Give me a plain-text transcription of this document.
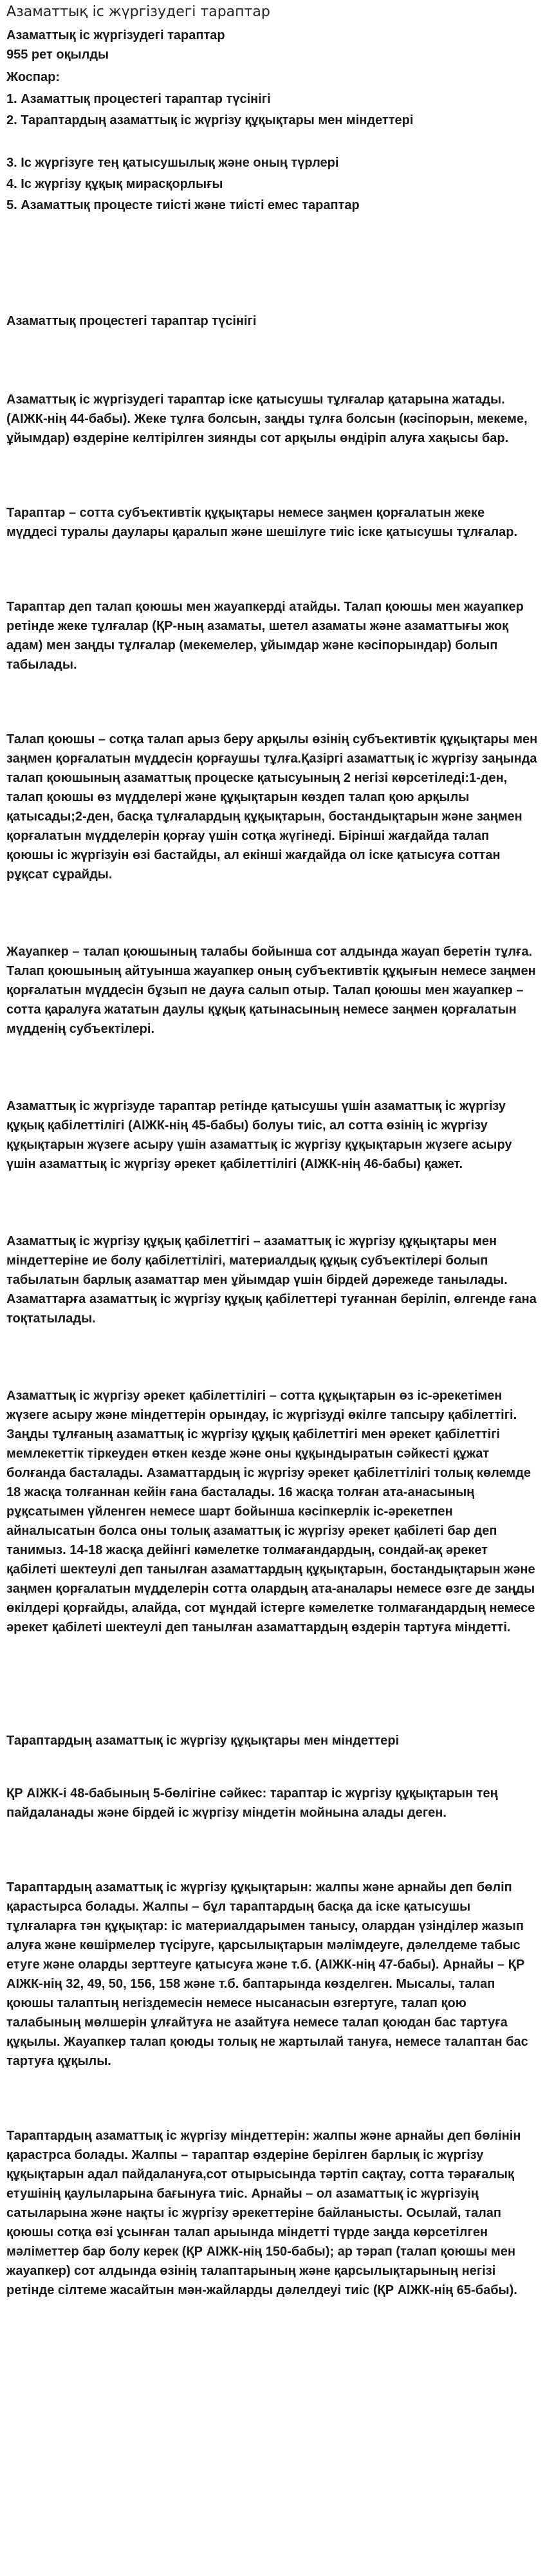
Азаматтық іс жүргізудегі тараптар

Азаматтық іс жүргізудегі тараптар

955 рет оқылды

Жоспар:

1. Азаматтық процестегі тараптар түсінігі
2. Тараптардың азаматтық іс жүргізу құқықтары мен міндеттері
3. Іс жүргізуге тең қатысушылық және оның түрлері
4. Іс жүргізу құқық мирасқорлығы
5. Азаматтық процесте тиісті және тиісті емес тараптар

Азаматтық процестегі тараптар түсінігі

Азаматтық іс жүргізудегі тараптар іске қатысушы тұлғалар қатарына жатады. (АІЖК-нің 44-бабы). Жеке тұлға болсын, заңды тұлға болсын (кәсіпорын, мекеме, ұйымдар) өздеріне келтірілген зиянды сот арқылы өндіріп алуға хақысы бар.

Тараптар – сотта субъективтік құқықтары немесе заңмен қорғалатын жеке мүддесі туралы даулары қаралып және шешілуге тиіс іске қатысушы тұлғалар.

Тараптар деп талап қоюшы мен жауапкерді атайды. Талап қоюшы мен жауапкер ретінде жеке тұлғалар (ҚР-ның азаматы, шетел азаматы және азаматтығы жоқ адам) мен заңды тұлғалар (мекемелер, ұйымдар және кәсіпорындар) болып табылады.

Талап қоюшы – сотқа талап арыз беру арқылы өзінің субъективтік құқықтары мен заңмен қорғалатын мүддесін қорғаушы тұлға.Қазіргі азаматтық іс жүргізу заңында талап қоюшының азаматтық процеске қатысуының 2 негізі көрсетіледі:1-ден, талап қоюшы өз мүдделері және құқықтарын көздеп талап қою арқылы қатысады;2-ден, басқа тұлғалардың құқықтарын, бостандықтарын және заңмен қорғалатын мүдделерін қорғау үшін сотқа жүгінеді. Бірінші жағдайда талап қоюшы іс жүргізуін өзі бастайды, ал екінші жағдайда ол іске қатысуға соттан рұқсат сұрайды.

Жауапкер – талап қоюшының талабы бойынша сот алдында жауап беретін тұлға. Талап қоюшының айтуынша жауапкер оның субъективтік құқығын немесе заңмен қорғалатын мүддесін бұзып не дауға салып отыр. Талап қоюшы мен жауапкер – сотта қаралуға жататын даулы құқық қатынасының немесе заңмен қорғалатын мүдденің субъектілері.

Азаматтық іс жүргізуде тараптар ретінде қатысушы үшін азаматтық іс жүргізу құқық қабілеттілігі (АІЖК-нің 45-бабы) болуы тиіс, ал сотта өзінің іс жүргізу құқықтарын жүзеге асыру үшін азаматтық іс жүргізу құқықтарын жүзеге асыру үшін азаматтық іс жүргізу әрекет қабілеттілігі (АІЖК-нің 46-бабы) қажет.

Азаматтық іс жүргізу құқық қабілеттігі – азаматтық іс жүргізу құқықтары мен міндеттеріне ие болу қабілеттілігі, материалдық құқық субъектілері болып табылатын барлық азаматтар мен ұйымдар үшін бірдей дәрежеде танылады. Азаматтарға азаматтық іс жүргізу құқық қабілеттері туғаннан беріліп, өлгенде ғана тоқтатылады.

Азаматтық іс жүргізу әрекет қабілеттілігі – сотта құқықтарын өз іс-әрекетімен жүзеге асыру және міндеттерін орындау, іс жүргізуді өкілге тапсыру қабілеттігі. Заңды тұлғаның азаматтық іс жүргізу құқық қабілеттігі мен әрекет қабілеттігі мемлекеттік тіркеуден өткен кезде және оны құқындыратын сәйкесті құжат болғанда басталады. Азаматтардың іс жүргізу әрекет қабілеттілігі толық көлемде 18 жасқа толғаннан кейін ғана басталады. 16 жасқа толған ата-анасының рұқсатымен үйленген немесе шарт бойынша кәсіпкерлік іс-әрекетпен айналысатын болса оны толық азаматтық іс жүргізу әрекет қабілеті бар деп танимыз. 14-18 жасқа дейінгі кәмелетке толмағандардың, сондай-ақ әрекет қабілеті шектеулі деп танылған азаматтардың құқықтарын, бостандықтарын және заңмен қорғалатын мүдделерін сотта олардың ата-аналары немесе өзге де заңды өкілдері қорғайды, алайда, сот мұндай істерге кәмелетке толмағандардың немесе әрекет қабілеті шектеулі деп танылған азаматтардың өздерін тартуға міндетті.

Тараптардың азаматтық іс жүргізу құқықтары мен міндеттері

ҚР АІЖК-і 48-бабының 5-бөлігіне сәйкес: тараптар іс жүргізу құқықтарын тең пайдаланады және бірдей іс жүргізу міндетін мойнына алады деген.

Тараптардың азаматтық іс жүргізу құқықтарын: жалпы және арнайы деп бөліп қарастырса болады. Жалпы – бұл тараптардың басқа да іске қатысушы тұлғаларға тән құқықтар: іс материалдарымен танысу, олардан үзінділер жазып алуға және көшірмелер түсіруге, қарсылықтарын мәлімдеуге, дәлелдеме табыс етуге және оларды зерттеуге қатысуға және т.б. (АІЖК-нің 47-бабы). Арнайы – ҚР АІЖК-нің 32, 49, 50, 156, 158 және т.б. баптарында көзделген. Мысалы, талап қоюшы талаптың негіздемесін немесе нысанасын өзгертуге, талап қою талабының мөлшерін ұлғайтуға не азайтуға немесе талап қоюдан бас тартуға құқылы. Жауапкер талап қоюды толық не жартылай тануға, немесе талаптан бас тартуға құқылы.

Тараптардың азаматтық іс жүргізу міндеттерін: жалпы және арнайы деп бөлінін қарастрса болады. Жалпы – тараптар өздеріне берілген барлық іс жүргізу құқықтарын адал пайдалануға,сот отырысында тәртіп сақтау, сотта тәрағалық етушінің қаулыларына бағынуға тиіс. Арнайы – ол азаматтық іс жүргізуің сатыларына және нақты іс жүргізу әрекеттеріне байланысты. Осылай, талап қоюшы сотқа өзі ұсынған талап арыында міндетті түрде заңда көрсетілген мәліметтер бар болу керек (ҚР АІЖК-нің 150-бабы); ар тәрап (талап қоюшы мен жауапкер) сот алдында өзінің талаптарының және қарсылықтарының негізі ретінде сілтеме жасайтын мән-жайларды дәлелдеуі тиіс (ҚР АІЖК-нің 65-бабы).
